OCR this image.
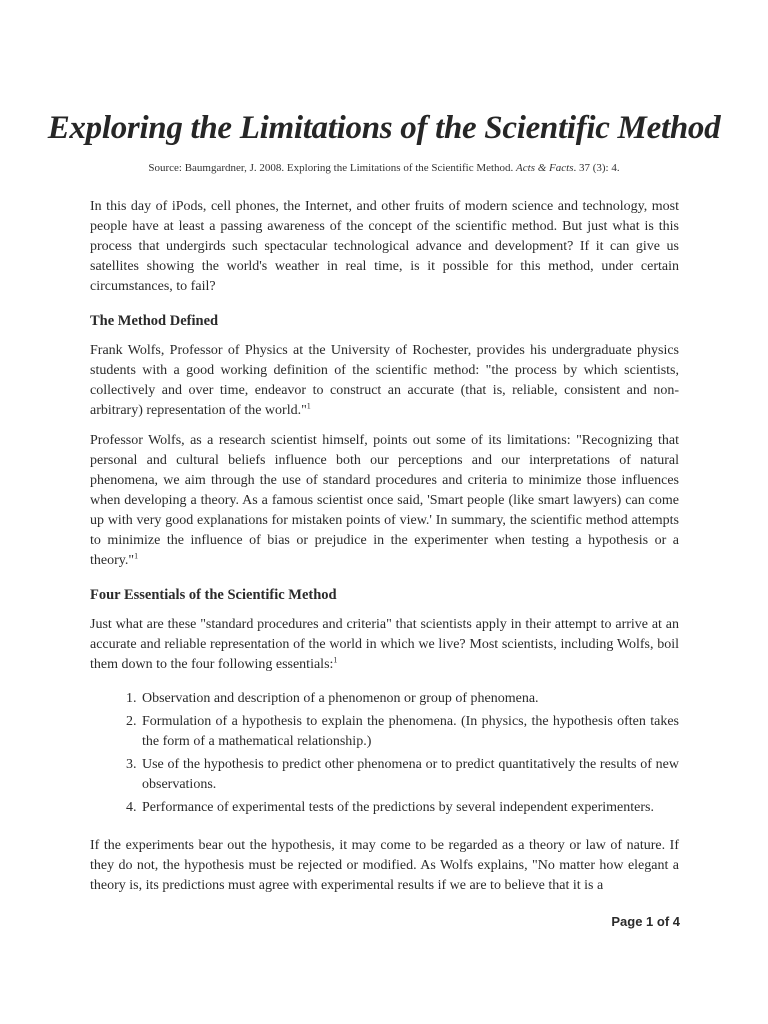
Exploring the Limitations of the Scientific Method
Source: Baumgardner, J. 2008. Exploring the Limitations of the Scientific Method. Acts & Facts. 37 (3): 4.

In this day of iPods, cell phones, the Internet, and other fruits of modern science and technology, most people have at least a passing awareness of the concept of the scientific method. But just what is this process that undergirds such spectacular technological advance and development? If it can give us satellites showing the world's weather in real time, is it possible for this method, under certain circumstances, to fail?

The Method Defined

Frank Wolfs, Professor of Physics at the University of Rochester, provides his undergraduate physics students with a good working definition of the scientific method: "the process by which scientists, collectively and over time, endeavor to construct an accurate (that is, reliable, consistent and non-arbitrary) representation of the world."$^1$

Professor Wolfs, as a research scientist himself, points out some of its limitations: "Recognizing that personal and cultural beliefs influence both our perceptions and our interpretations of natural phenomena, we aim through the use of standard procedures and criteria to minimize those influences when developing a theory. As a famous scientist once said, 'Smart people (like smart lawyers) can come up with very good explanations for mistaken points of view.' In summary, the scientific method attempts to minimize the influence of bias or prejudice in the experimenter when testing a hypothesis or a theory."$^1$

Four Essentials of the Scientific Method

Just what are these "standard procedures and criteria" that scientists apply in their attempt to arrive at an accurate and reliable representation of the world in which we live? Most scientists, including Wolfs, boil them down to the four following essentials:$^1$

1. Observation and description of a phenomenon or group of phenomena.
2. Formulation of a hypothesis to explain the phenomena. (In physics, the hypothesis often takes the form of a mathematical relationship.)
3. Use of the hypothesis to predict other phenomena or to predict quantitatively the results of new observations.
4. Performance of experimental tests of the predictions by several independent experimenters.

If the experiments bear out the hypothesis, it may come to be regarded as a theory or law of nature. If they do not, the hypothesis must be rejected or modified. As Wolfs explains, "No matter how elegant a theory is, its predictions must agree with experimental results if we are to believe that it is a

Page 1 of 4
